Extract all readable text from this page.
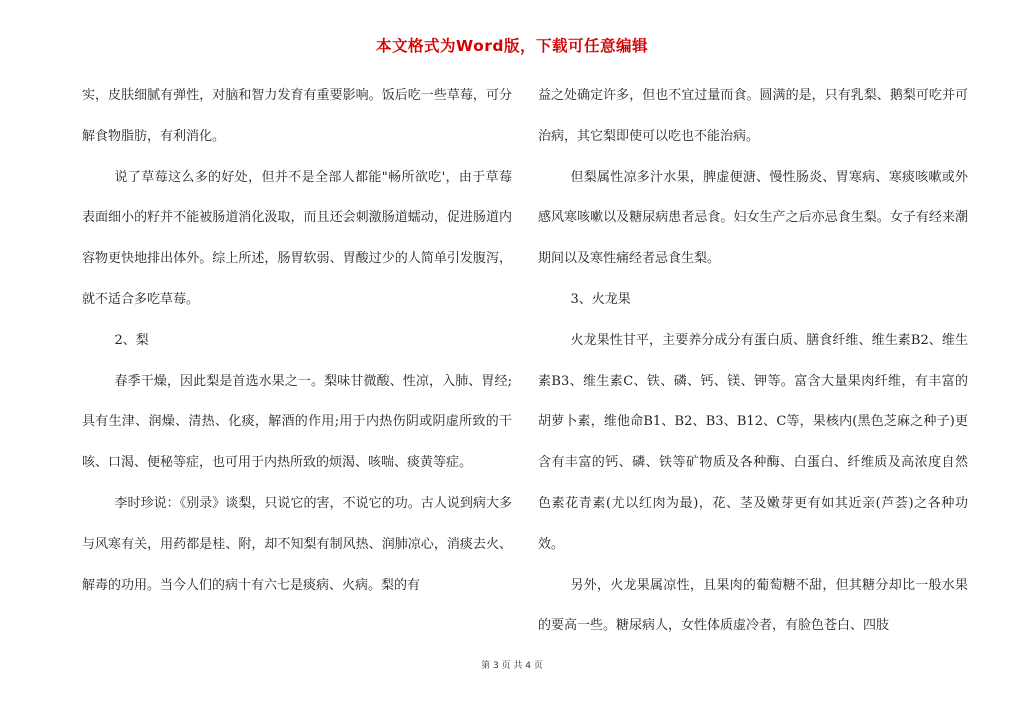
本文格式为Word版，下载可任意编辑

实，皮肤细腻有弹性，对脑和智力发育有重要影响。饭后吃一些草莓，可分解食物脂肪，有利消化。

说了草莓这么多的好处，但并不是全部人都能"畅所欲吃'，由于草莓表面细小的籽并不能被肠道消化汲取，而且还会刺激肠道蠕动，促进肠道内容物更快地排出体外。综上所述，肠胃软弱、胃酸过少的人简单引发腹泻，就不适合多吃草莓。

2、梨

春季干燥，因此梨是首选水果之一。梨味甘微酸、性凉，入肺、胃经;具有生津、润燥、清热、化痰，解酒的作用;用于内热伤阴或阴虚所致的干咳、口渴、便秘等症，也可用于内热所致的烦渴、咳喘、痰黄等症。

李时珍说：《别录》谈梨，只说它的害，不说它的功。古人说到病大多与风寒有关，用药都是桂、附，却不知梨有制风热、润肺凉心，消痰去火、解毒的功用。当今人们的病十有六七是痰病、火病。梨的有

益之处确定许多，但也不宜过量而食。圆满的是，只有乳梨、鹅梨可吃并可治病，其它梨即使可以吃也不能治病。

但梨属性凉多汁水果，脾虚便溏、慢性肠炎、胃寒病、寒痰咳嗽或外感风寒咳嗽以及糖尿病患者忌食。妇女生产之后亦忌食生梨。女子有经来潮期间以及寒性痛经者忌食生梨。

3、火龙果

火龙果性甘平，主要养分成分有蛋白质、膳食纤维、维生素B2、维生素B3、维生素C、铁、磷、钙、镁、钾等。富含大量果肉纤维，有丰富的胡萝卜素，维他命B1、B2、B3、B12、C等，果核内(黑色芝麻之种子)更含有丰富的钙、磷、铁等矿物质及各种酶、白蛋白、纤维质及高浓度自然 色素花青素(尤以红肉为最)，花、茎及嫩芽更有如其近亲(芦荟)之各种功效。

另外，火龙果属凉性，且果肉的葡萄糖不甜，但其糖分却比一般水果的要高一些。糖尿病人，女性体质虚冷者，有脸色苍白、四肢

第 3 页 共 4 页
